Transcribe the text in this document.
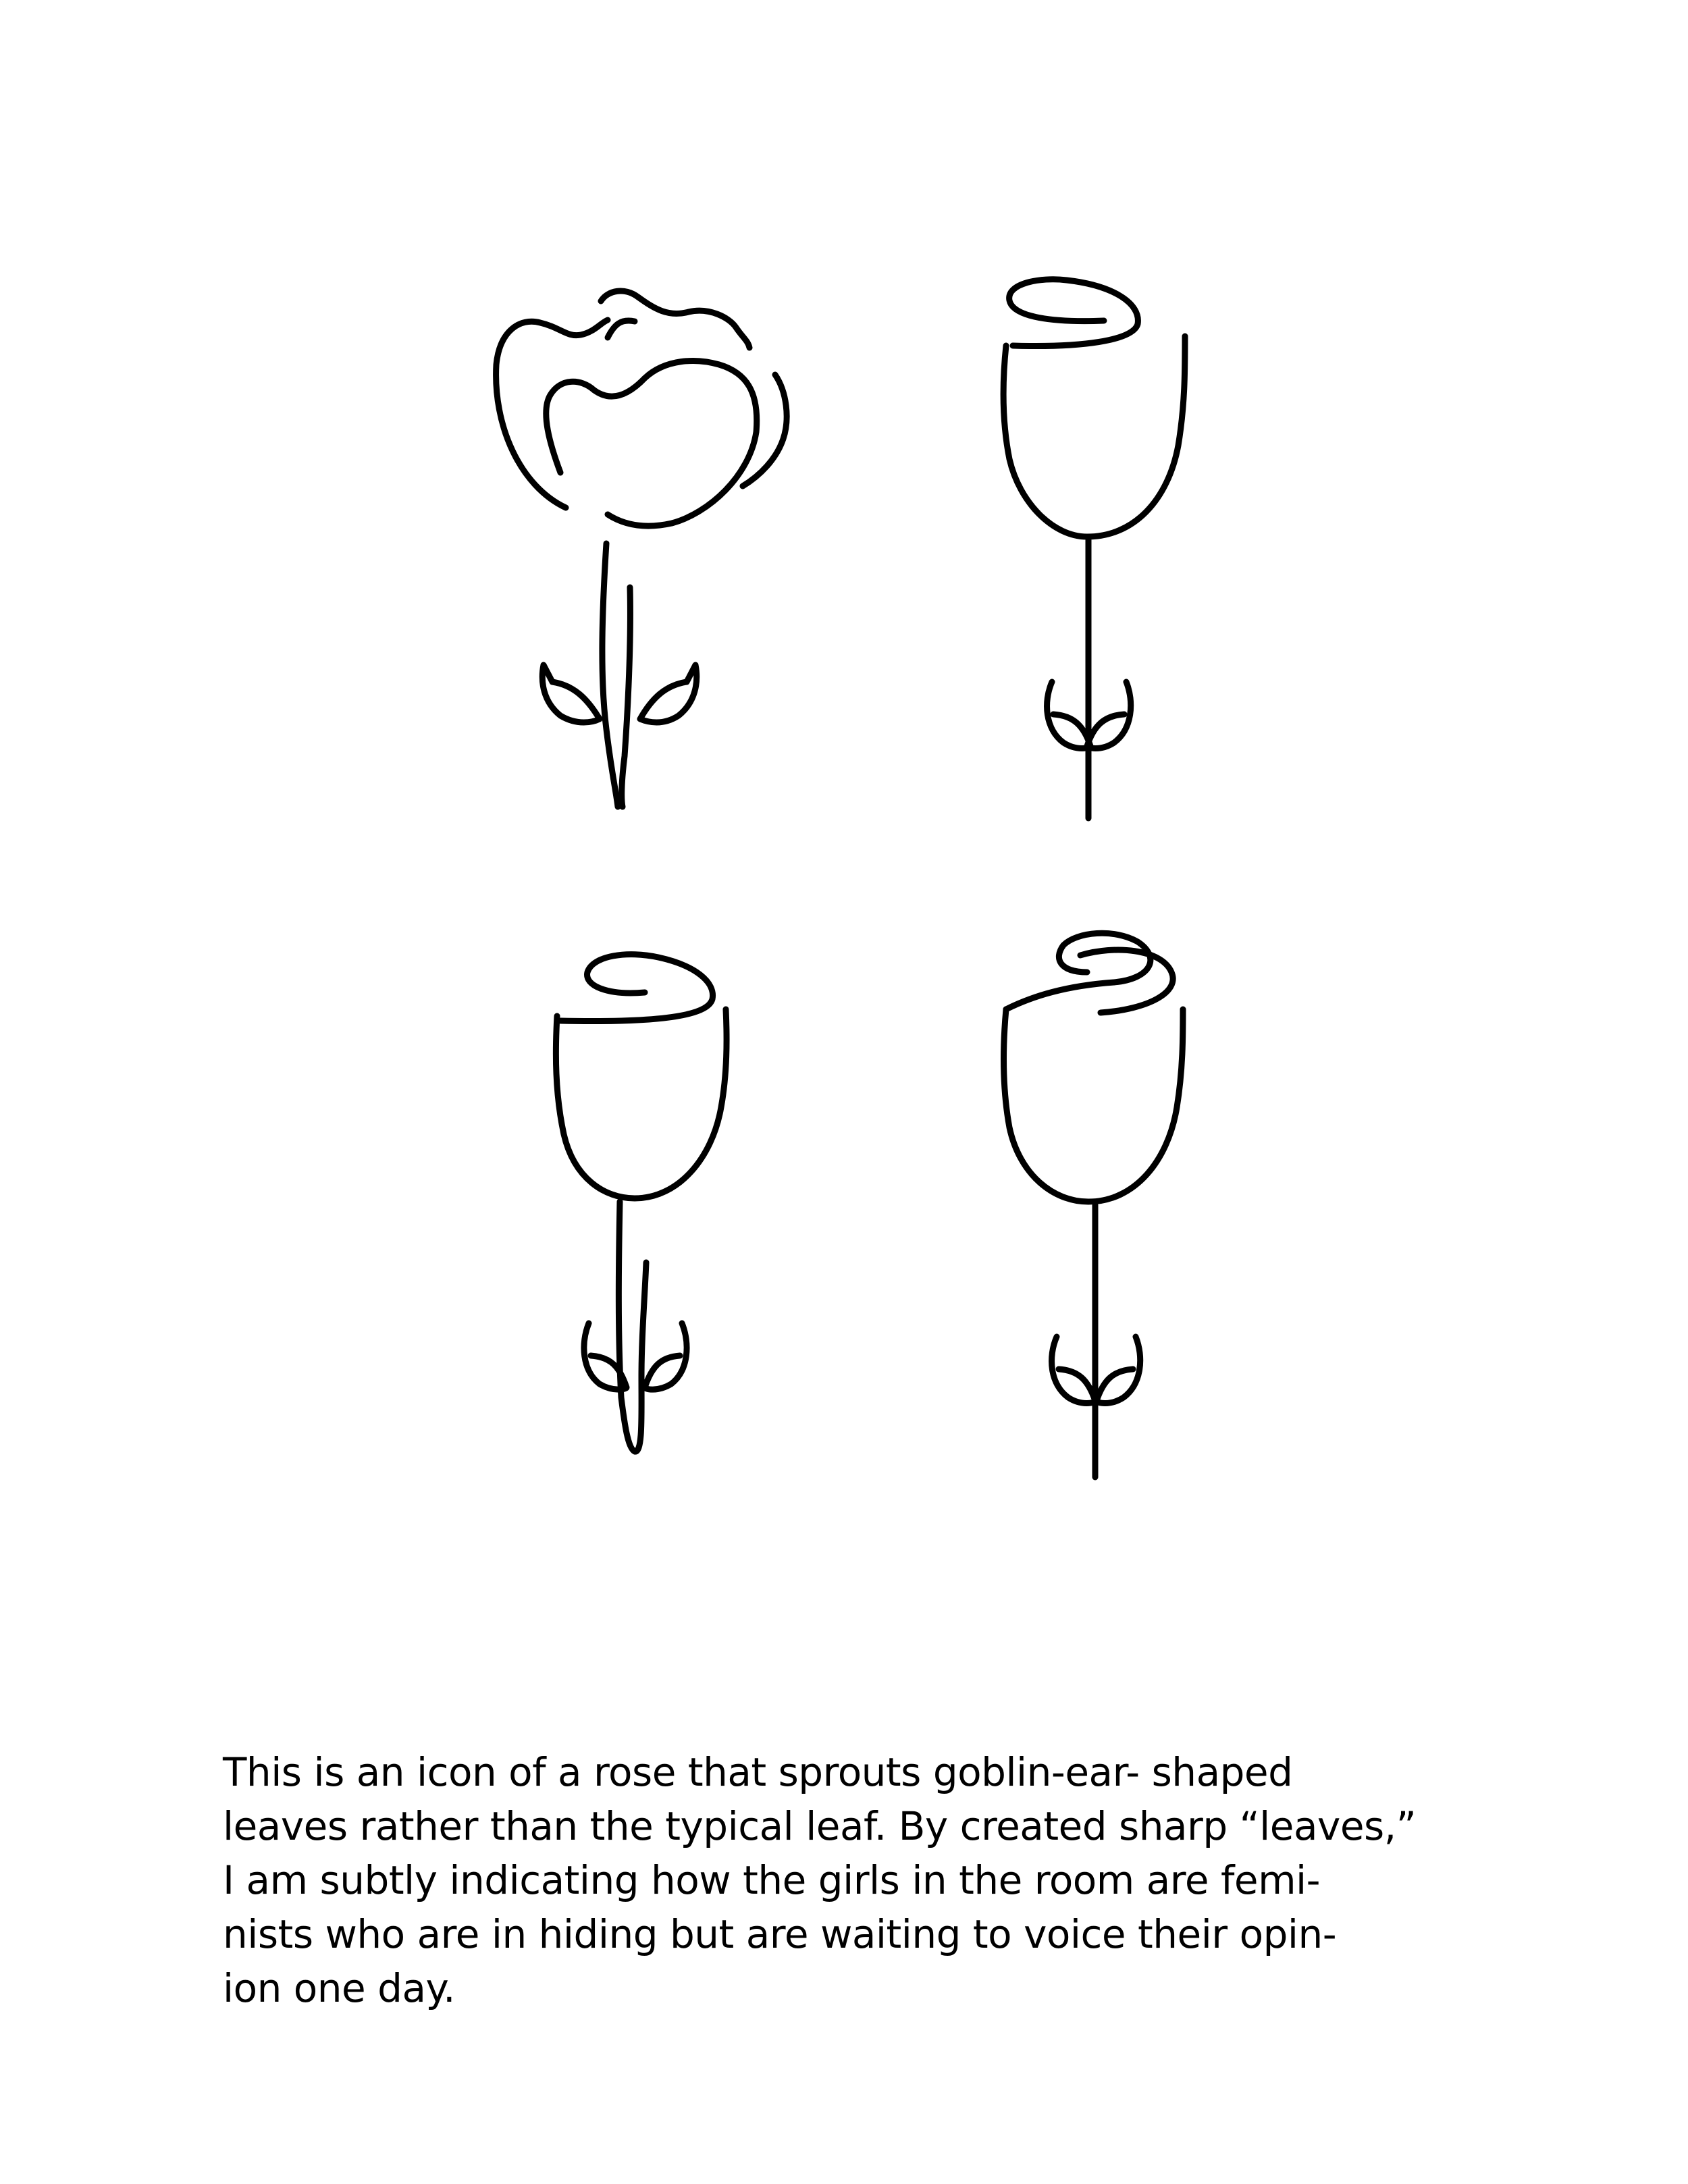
This is an icon of a rose that sprouts goblin-ear- shaped
leaves rather than the typical leaf. By created sharp “leaves,”
I am subtly indicating how the girls in the room are femi-
nists who are in hiding but are waiting to voice their opin-
ion one day.
